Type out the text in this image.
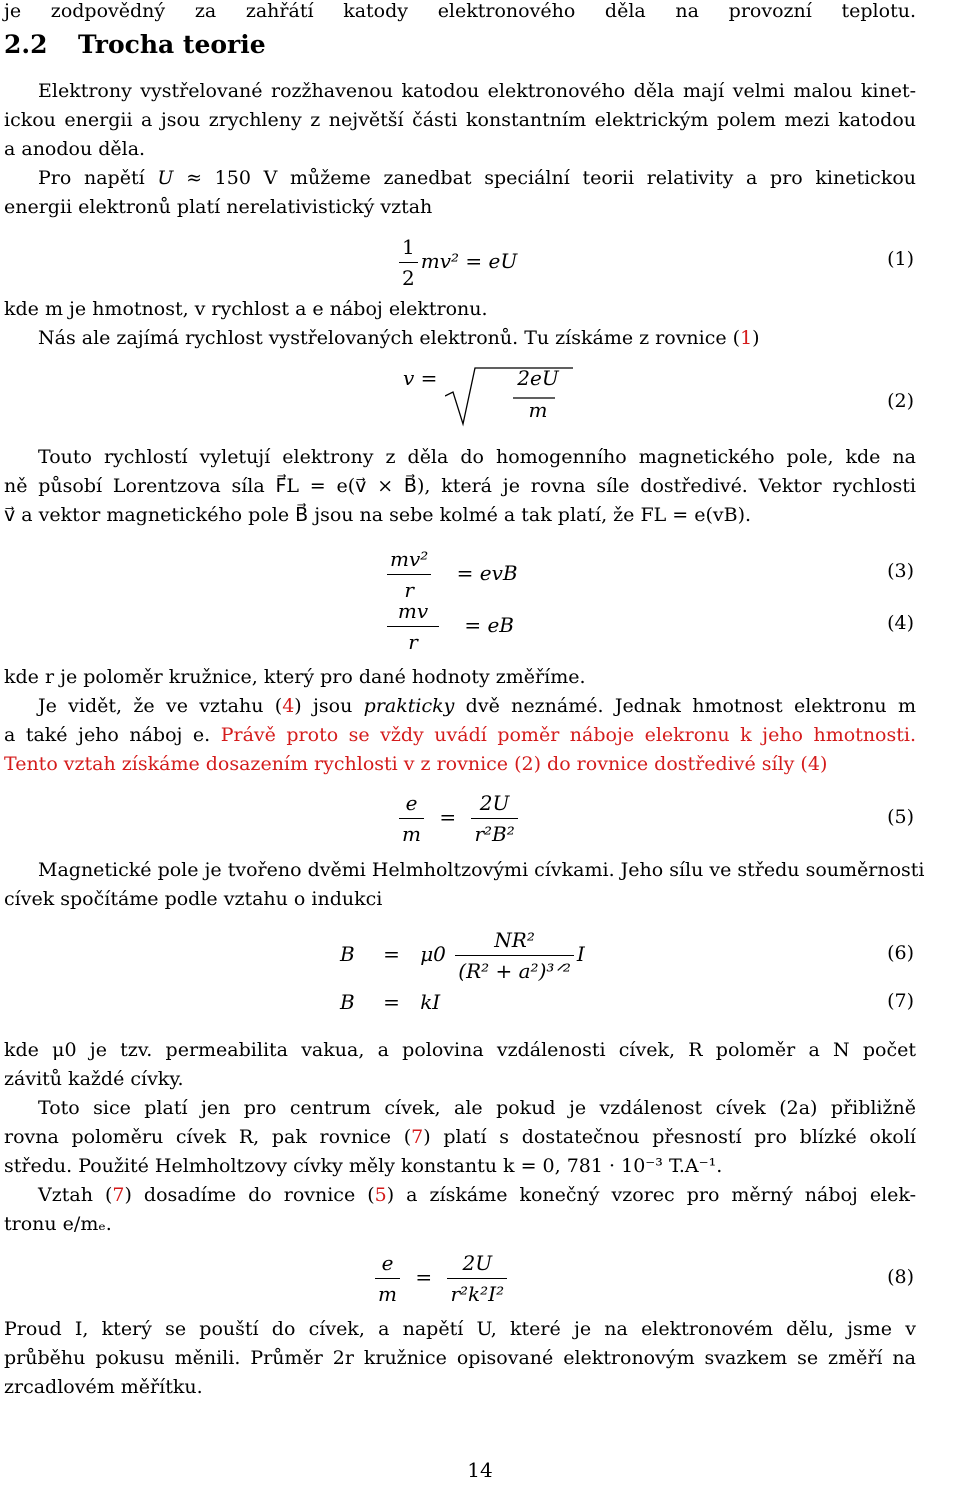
je zodpovědný za zahřátí katody elektronového děla na provozní teplotu.
2.2 Trocha teorie
Elektrony vystřelované rozžhavenou katodou elektronového děla mají velmi malou kinet-
ickou energii a jsou zrychleny z největší části konstantním elektrickým polem mezi katodou
a anodou děla.
Pro napětí U ≈ 150 V můžeme zanedbat speciální teorii relativity a pro kinetickou
energii elektronů platí nerelativistický vztah
$\frac{1}{2} mv^2$ = eU	(1)
kde m je hmotnost, v rychlost a e náboj elektronu.
Nás ale zajímá rychlost vystřelovaných elektronů. Tu získáme z rovnice (1)
v =	2eU
m	(2)
Touto rychlostí vyletují elektrony z děla do homogenního magnetického pole, kde na
ně působí Lorentzova síla F⃗L = e(v⃗ × B⃗), která je rovna síle dostředivé. Vektor rychlosti
v⃗ a vektor magnetického pole B⃗ jsou na sebe kolmé a tak platí, že FL = e(vB).
$\frac{\text{mv²}}{r}$ = evB	(3)
$\frac{mv}{r}$ = eB	(4)
kde r je poloměr kružnice, který pro dané hodnoty změříme.
Je vidět, že ve vztahu (4) jsou prakticky dvě neznámé. Jednak hmotnost elektronu m
a také jeho náboj e. Právě proto se vždy uvádí poměr náboje elekronu k jeho hmotnosti.
Tento vztah získáme dosazením rychlosti v z rovnice (2) do rovnice dostředivé síly (4)
$\frac{e}{m} = \frac{2U}{\text{r²B²}}$	(5)
Magnetické pole je tvořeno dvěmi Helmholtzovými cívkami. Jeho sílu ve středu souměrnosti
cívek spočítáme podle vztahu o indukci
$B = \mu 0 \frac{\text{NR²}}{\text{(R² + a²)³ᐟ²}}$ I	(6)
B = kI	(7)
kde μ0 je tzv. permeabilita vakua, a polovina vzdálenosti cívek, R poloměr a N počet
závitů každé cívky.
Toto sice platí jen pro centrum cívek, ale pokud je vzdálenost cívek (2a) přibližně
rovna poloměru cívek R, pak rovnice (7) platí s dostatečnou přesností pro blízké okolí
středu. Použité Helmholtzovy cívky měly konstantu k = 0, 781 · 10⁻³ T.A⁻¹.
Vztah (7) dosadíme do rovnice (5) a získáme konečný vzorec pro měrný náboj elek-
tronu e/mₑ.
$\frac{e}{m} = \frac{2U}{\text{r²k²I²}}$	(8)
Proud I, který se pouští do cívek, a napětí U, které je na elektronovém dělu, jsme v
průběhu pokusu měnili. Průměr 2r kružnice opisované elektronovým svazkem se změří na
zrcadlovém měřítku.
14
